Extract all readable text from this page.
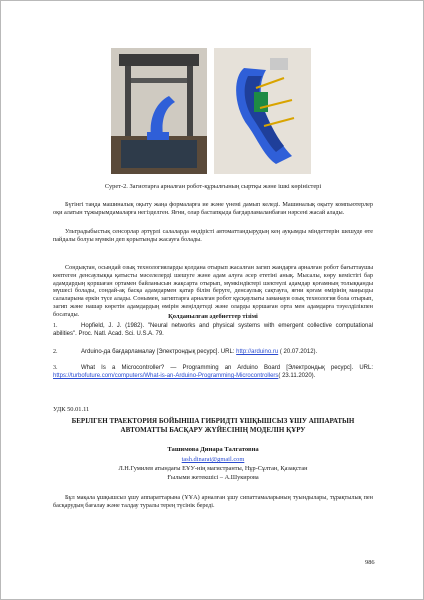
Сурет-2. Загиотарға арналған робот-құрылғының сыртқы және ішкі көріністері

Бүгінгі таңда машиналық оқыту жаңа формаларға ие және үнемі дамып келеді. Машиналық оқыту компьютерлер оқи алатын тұжырымдамаларға негізделген. Яғни, олар бастапқыда бағдарламаланбаған нәрсені жасай алады.

Ультрадыбыстық сенсорлар әртүрлі салаларда өндірісті автоматтандырудың кең ауқымды міндеттерін шешуде өте пайдалы болуы мүмкін деп қорытынды жасауға болады.

Сондықтан, осындай озық технологияларды қолдана отырып жасалған загип жандарға арналған робот бағыттаушы көптеген денсаулыққа қатысты мәселелерді шешуге және адам алуға әсер ететіні анық. Мысалы, көру кемістігі бар адамдардың қоршаған ортамен байланысын жақсарта отырып, мүмкіндіктері шектеулі адамдар қоғамның толыққанды мүшесі болады, сондай-ақ басқа адамдармен қатар білім беруге, денсаулық сақтауға, яғни қоғам өмірінің маңызды салаларына еркін түсе алады. Сонымен, загиптарға арналған робот құсқаулығы заманауи озық технология бола отырып, загип және нашар көретін адамдардың өмірін жеңілдетеді және оларды қоршаған орта мен адамдарға тәуелділікпен босатады.	Қолданылған әдебиеттер тізімі

1.	Hopfield, J. J. (1982). "Neural networks and physical systems with emergent collective computational abilities". Proc. Natl. Acad. Sci. U.S.A. 79.

2.	Arduino-да бағдарламалау [Электрондық ресурс]. URL: http://arduino.ru ( 20.07.2012).

3.	What Is a Microcontroller? — Programming an Arduino Board [Электрондық ресурс]. URL: https://turbofuture.com/computers/What-is-an-Arduino-Programming-Microcontrollers( 23.11.2020).

УДК 50.01.11

БЕРІЛГЕН ТРАЕКТОРИЯ БОЙЫНША ГИБРИДТІ ҰШҚЫШСЫЗ ҰШУ АППАРАТЫН АВТОМАТТЫ БАСҚАРУ ЖҮЙЕСІНІҢ МОДЕЛІН ҚҰРУ

Ташимова Динара Талгатовна

tash.dinarat@gmail.com

Л.Н.Гумилев атындағы ЕҰУ-нің магистранты, Нұр-Сұлтан, Қазақстан
Ғылыми жетекшісі – А.Шукирова

Бұл мақала ұшқышсыз ұшу аппараттарына (ҰҰА) арналған ұшу сипаттамаларының туындылары, тұрақтылық пен басқарудың бағалау және талдау туралы терең түсінік береді.

986
